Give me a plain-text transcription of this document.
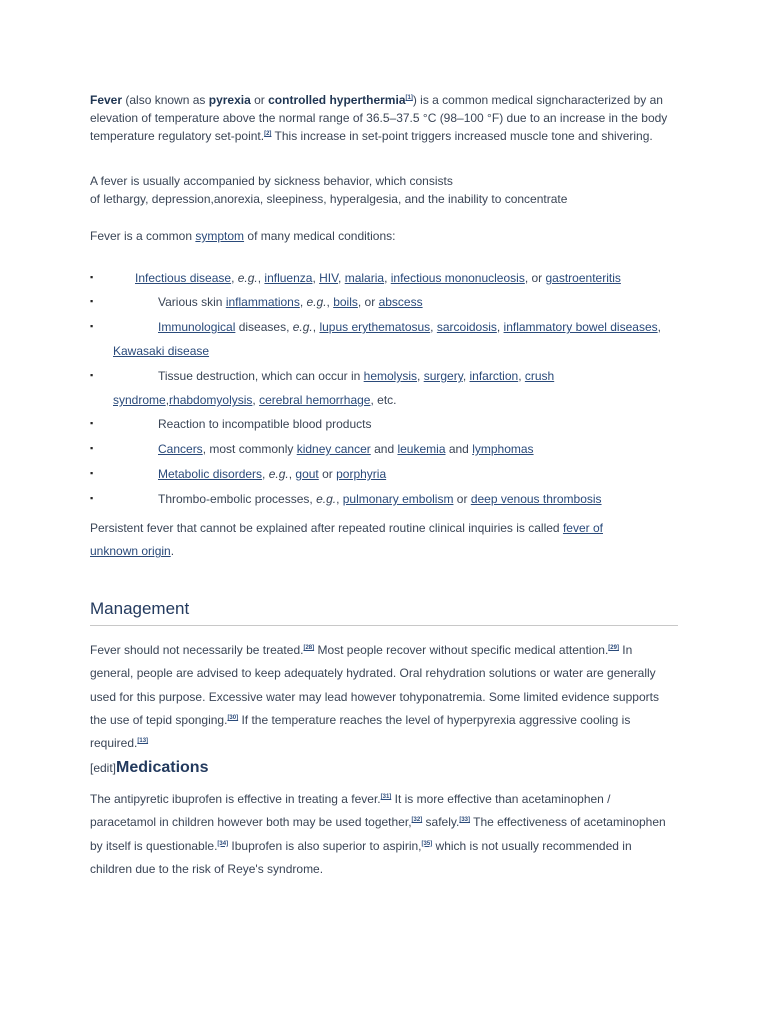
Fever (also known as pyrexia or controlled hyperthermia[1]) is a common medical signcharacterized by an elevation of temperature above the normal range of 36.5–37.5 °C (98–100 °F) due to an increase in the body temperature regulatory set-point.[2] This increase in set-point triggers increased muscle tone and shivering.

A fever is usually accompanied by sickness behavior, which consists
of lethargy, depression,anorexia, sleepiness, hyperalgesia, and the inability to concentrate

Fever is a common symptom of many medical conditions:

▪	Infectious disease, e.g., influenza, HIV, malaria, infectious mononucleosis, or gastroenteritis
▪	Various skin inflammations, e.g., boils, or abscess
▪	Immunological diseases, e.g., lupus erythematosus, sarcoidosis, inflammatory bowel diseases, Kawasaki disease
▪	Tissue destruction, which can occur in hemolysis, surgery, infarction, crush syndrome,rhabdomyolysis, cerebral hemorrhage, etc.
▪	Reaction to incompatible blood products
▪	Cancers, most commonly kidney cancer and leukemia and lymphomas
▪	Metabolic disorders, e.g., gout or porphyria
▪	Thrombo-embolic processes, e.g., pulmonary embolism or deep venous thrombosis

Persistent fever that cannot be explained after repeated routine clinical inquiries is called fever of unknown origin.

Management

Fever should not necessarily be treated.[28] Most people recover without specific medical attention.[29] In general, people are advised to keep adequately hydrated. Oral rehydration solutions or water are generally used for this purpose. Excessive water may lead however tohyponatremia. Some limited evidence supports the use of tepid sponging.[30] If the temperature reaches the level of hyperpyrexia aggressive cooling is required.[13]

[edit]Medications

The antipyretic ibuprofen is effective in treating a fever.[31] It is more effective than acetaminophen / paracetamol in children however both may be used together,[32] safely.[33] The effectiveness of acetaminophen by itself is questionable.[34] Ibuprofen is also superior to aspirin,[35] which is not usually recommended in children due to the risk of Reye's syndrome.
